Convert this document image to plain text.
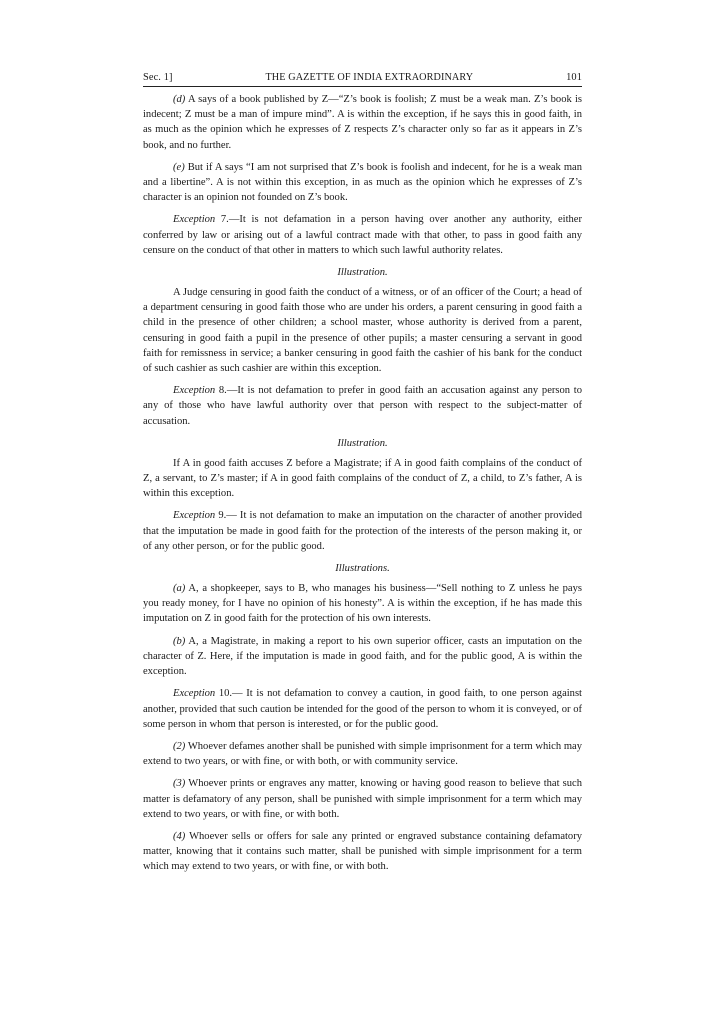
Sec. 1]	THE GAZETTE OF INDIA EXTRAORDINARY	101

(d) A says of a book published by Z—“Z’s book is foolish; Z must be a weak man. Z’s book is indecent; Z must be a man of impure mind”. A is within the exception, if he says this in good faith, in as much as the opinion which he expresses of Z respects Z’s character only so far as it appears in Z’s book, and no further.

(e) But if A says “I am not surprised that Z’s book is foolish and indecent, for he is a weak man and a libertine”. A is not within this exception, in as much as the opinion which he expresses of Z’s character is an opinion not founded on Z’s book.

Exception 7.—It is not defamation in a person having over another any authority, either conferred by law or arising out of a lawful contract made with that other, to pass in good faith any censure on the conduct of that other in matters to which such lawful authority relates.

Illustration.

A Judge censuring in good faith the conduct of a witness, or of an officer of the Court; a head of a department censuring in good faith those who are under his orders, a parent censuring in good faith a child in the presence of other children; a school master, whose authority is derived from a parent, censuring in good faith a pupil in the presence of other pupils; a master censuring a servant in good faith for remissness in service; a banker censuring in good faith the cashier of his bank for the conduct of such cashier as such cashier are within this exception.

Exception 8.—It is not defamation to prefer in good faith an accusation against any person to any of those who have lawful authority over that person with respect to the subject-matter of accusation.

Illustration.

If A in good faith accuses Z before a Magistrate; if A in good faith complains of the conduct of Z, a servant, to Z’s master; if A in good faith complains of the conduct of Z, a child, to Z’s father, A is within this exception.

Exception 9.— It is not defamation to make an imputation on the character of another provided that the imputation be made in good faith for the protection of the interests of the person making it, or of any other person, or for the public good.

Illustrations.

(a) A, a shopkeeper, says to B, who manages his business—“Sell nothing to Z unless he pays you ready money, for I have no opinion of his honesty”. A is within the exception, if he has made this imputation on Z in good faith for the protection of his own interests.

(b) A, a Magistrate, in making a report to his own superior officer, casts an imputation on the character of Z. Here, if the imputation is made in good faith, and for the public good, A is within the exception.

Exception 10.— It is not defamation to convey a caution, in good faith, to one person against another, provided that such caution be intended for the good of the person to whom it is conveyed, or of some person in whom that person is interested, or for the public good.

(2) Whoever defames another shall be punished with simple imprisonment for a term which may extend to two years, or with fine, or with both, or with community service.

(3) Whoever prints or engraves any matter, knowing or having good reason to believe that such matter is defamatory of any person, shall be punished with simple imprisonment for a term which may extend to two years, or with fine, or with both.

(4) Whoever sells or offers for sale any printed or engraved substance containing defamatory matter, knowing that it contains such matter, shall be punished with simple imprisonment for a term which may extend to two years, or with fine, or with both.
